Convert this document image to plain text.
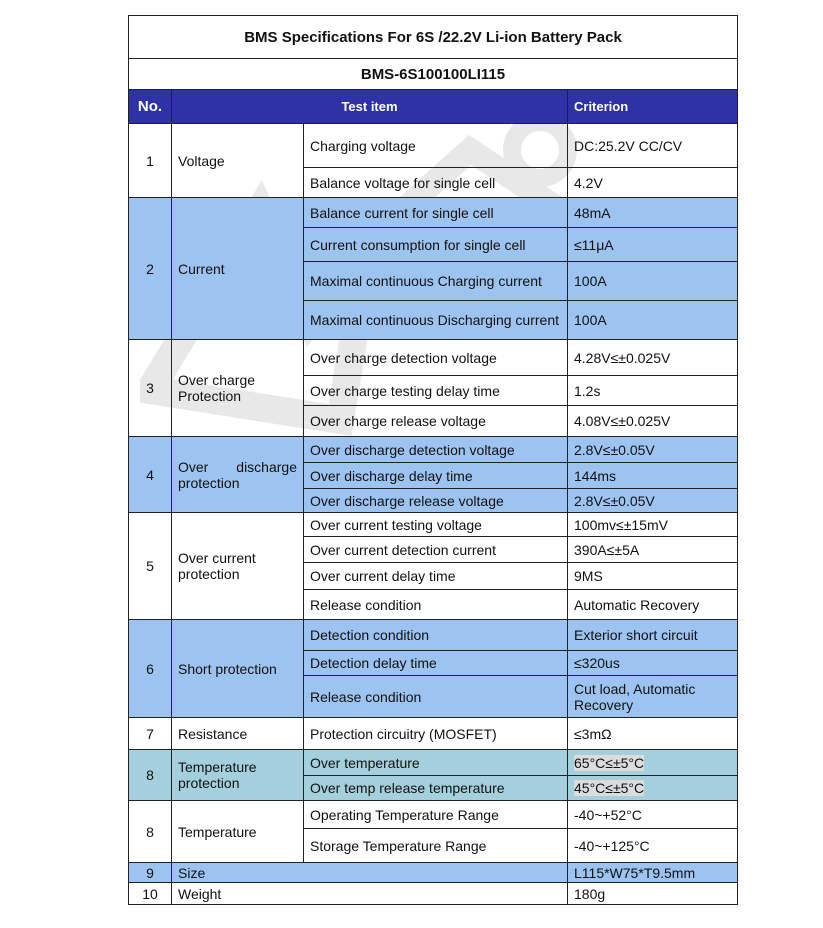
BMS Specifications For 6S /22.2V Li-ion Battery Pack			
BMS-6S100100LI115			
No.	Test item		Criterion
1	Voltage	Charging voltage	DC:25.2V CC/CV
		Balance voltage for single cell	4.2V
2	Current	Balance current for single cell	48mA
		Current consumption for single cell	≤11μA
		Maximal continuous Charging current	100A
		Maximal continuous Discharging current	100A
3	Over charge Protection	Over charge detection voltage	4.28V≤±0.025V
		Over charge testing delay time	1.2s
		Over charge release voltage	4.08V≤±0.025V
4	Over discharge protection	Over discharge detection voltage	2.8V≤±0.05V
		Over discharge delay time	144ms
		Over discharge release voltage	2.8V≤±0.05V
5	Over current protection	Over current testing voltage	100mv≤±15mV
		Over current detection current	390A≤±5A
		Over current delay time	9MS
		Release condition	Automatic Recovery
6	Short protection	Detection condition	Exterior short circuit
		Detection delay time	≤320us
		Release condition	Cut load, Automatic Recovery
7	Resistance	Protection circuitry (MOSFET)	≤3mΩ
8	Temperature protection	Over temperature	65°C≤±5°C
		Over temp release temperature	45°C≤±5°C
8	Temperature	Operating Temperature Range	-40~+52°C
		Storage Temperature Range	-40~+125°C
9	Size		L115*W75*T9.5mm
10	Weight		180g
